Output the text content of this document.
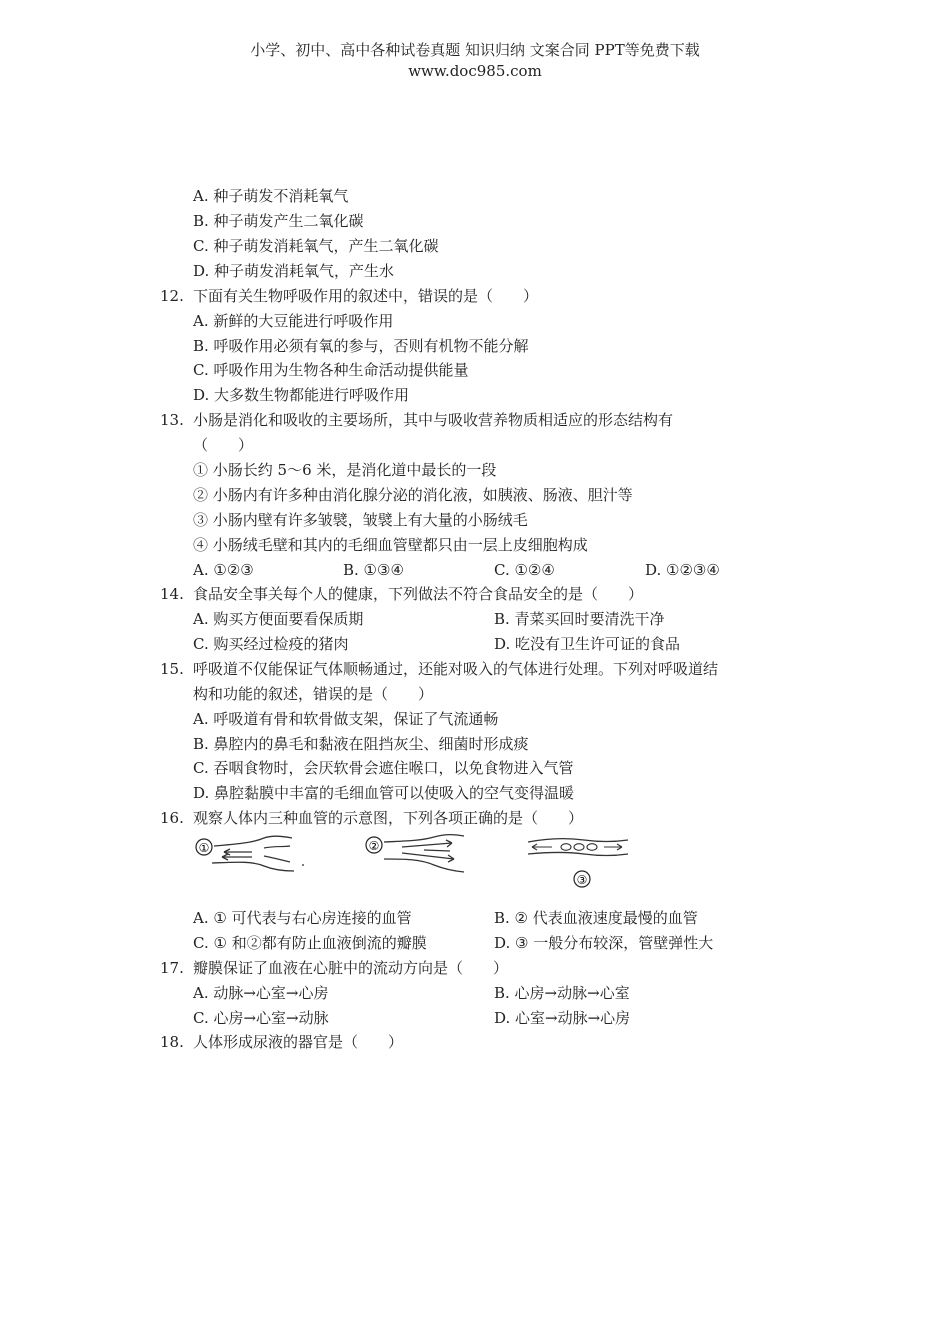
小学、初中、高中各种试卷真题 知识归纳 文案合同 PPT等免费下载
www.doc985.com
A. 种子萌发不消耗氧气
B. 种子萌发产生二氧化碳
C. 种子萌发消耗氧气，产生二氧化碳
D. 种子萌发消耗氧气，产生水
12. 下面有关生物呼吸作用的叙述中，错误的是（　　）
A. 新鲜的大豆能进行呼吸作用
B. 呼吸作用必须有氧的参与，否则有机物不能分解
C. 呼吸作用为生物各种生命活动提供能量
D. 大多数生物都能进行呼吸作用
13. 小肠是消化和吸收的主要场所，其中与吸收营养物质相适应的形态结构有
（　　）
① 小肠长约 5～6 米，是消化道中最长的一段
② 小肠内有许多种由消化腺分泌的消化液，如胰液、肠液、胆汁等
③ 小肠内壁有许多皱襞，皱襞上有大量的小肠绒毛
④ 小肠绒毛壁和其内的毛细血管壁都只由一层上皮细胞构成
A. ①②③	B. ①③④	C. ①②④	D. ①②③④
14. 食品安全事关每个人的健康，下列做法不符合食品安全的是（　　）
A. 购买方便面要看保质期	B. 青菜买回时要清洗干净
C. 购买经过检疫的猪肉	D. 吃没有卫生许可证的食品
15. 呼吸道不仅能保证气体顺畅通过，还能对吸入的气体进行处理。下列对呼吸道结
构和功能的叙述，错误的是（　　）
A. 呼吸道有骨和软骨做支架，保证了气流通畅
B. 鼻腔内的鼻毛和黏液在阻挡灰尘、细菌时形成痰
C. 吞咽食物时，会厌软骨会遮住喉口，以免食物进入气管
D. 鼻腔黏膜中丰富的毛细血管可以使吸入的空气变得温暖
16. 观察人体内三种血管的示意图，下列各项正确的是（　　）
①	②
③
A. ① 可代表与右心房连接的血管	B. ② 代表血液速度最慢的血管
C. ① 和②都有防止血液倒流的瓣膜	D. ③ 一般分布较深，管壁弹性大
17. 瓣膜保证了血液在心脏中的流动方向是（　　）
A. 动脉→心室→心房	B. 心房→动脉→心室
C. 心房→心室→动脉	D. 心室→动脉→心房
18. 人体形成尿液的器官是（　　）
